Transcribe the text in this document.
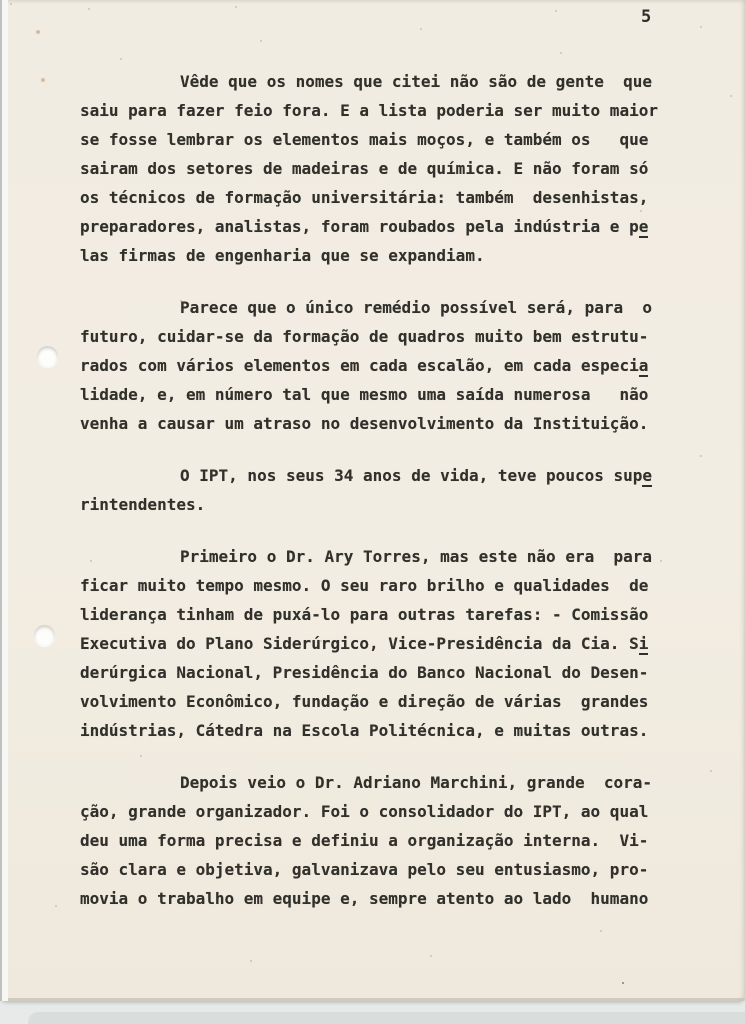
5
Vêde que os nomes que citei não são de gente  que
saiu para fazer feio fora. E a lista poderia ser muito maior
se fosse lembrar os elementos mais moços, e também os   que
sairam dos setores de madeiras e de química. E não foram só
os técnicos de formação universitária: também  desenhistas,
preparadores, analistas, foram roubados pela indústria e pe
las firmas de engenharia que se expandiam.
Parece que o único remédio possível será, para  o
futuro, cuidar-se da formação de quadros muito bem estrutu-
rados com vários elementos em cada escalão, em cada especia
lidade, e, em número tal que mesmo uma saída numerosa   não
venha a causar um atraso no desenvolvimento da Instituição.
O IPT, nos seus 34 anos de vida, teve poucos supe
rintendentes.
Primeiro o Dr. Ary Torres, mas este não era  para
ficar muito tempo mesmo. O seu raro brilho e qualidades  de
liderança tinham de puxá-lo para outras tarefas: - Comissão
Executiva do Plano Siderúrgico, Vice-Presidência da Cia. Si
derúrgica Nacional, Presidência do Banco Nacional do Desen-
volvimento Econômico, fundação e direção de várias  grandes
indústrias, Cátedra na Escola Politécnica, e muitas outras.
Depois veio o Dr. Adriano Marchini, grande  cora-
ção, grande organizador. Foi o consolidador do IPT, ao qual
deu uma forma precisa e definiu a organização interna.  Vi-
são clara e objetiva, galvanizava pelo seu entusiasmo, pro-
movia o trabalho em equipe e, sempre atento ao lado  humano
